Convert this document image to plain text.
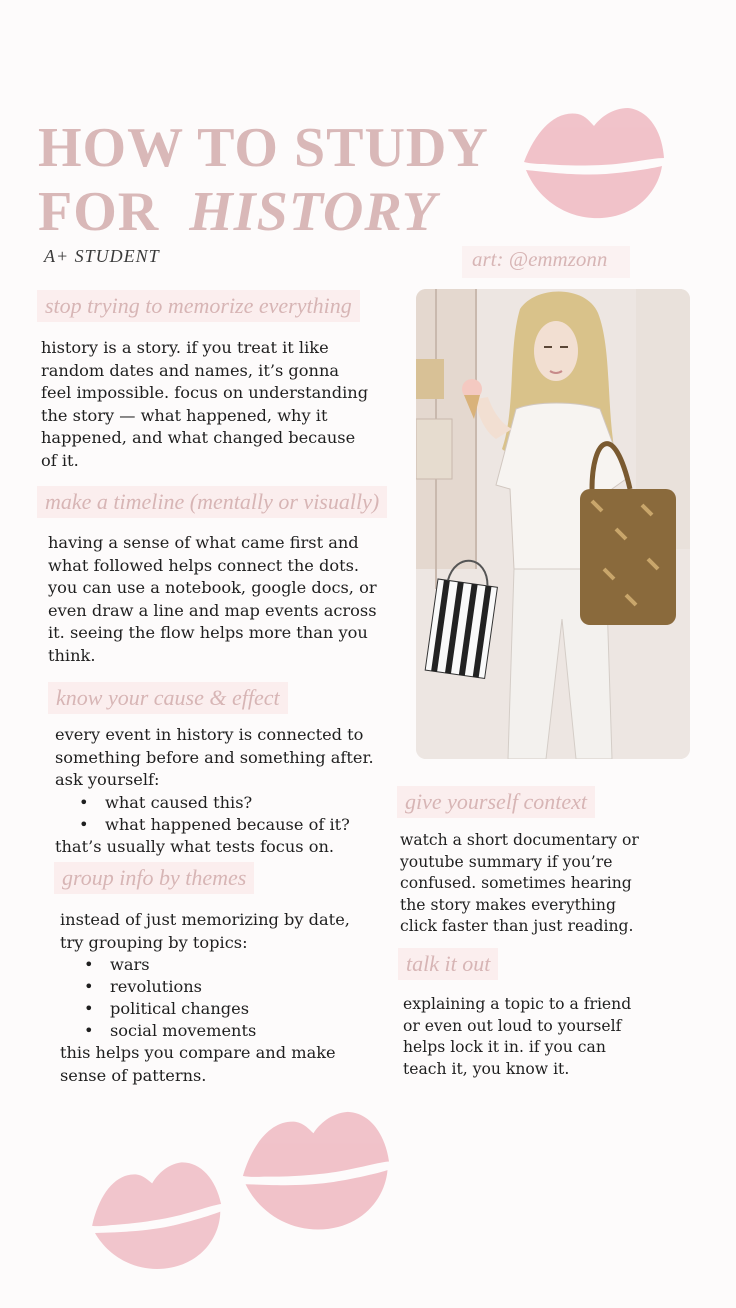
HOW TO STUDY
FOR HISTORY
A+ STUDENT	art: @emmzonn
stop trying to memorize everything

history is a story. if you treat it like random dates and names, it’s gonna feel impossible. focus on understanding the story — what happened, why it happened, and what changed because of it.

make a timeline (mentally or visually)

having a sense of what came first and what followed helps connect the dots. you can use a notebook, google docs, or even draw a line and map events across it. seeing the flow helps more than you think.

know your cause & effect

every event in history is connected to something before and something after. ask yourself:

• what caused this?
• what happened because of it?

that’s usually what tests focus on.

group info by themes

instead of just memorizing by date, try grouping by topics:

• wars
• revolutions
• political changes
• social movements

this helps you compare and make sense of patterns.

give yourself context

watch a short documentary or youtube summary if you’re confused. sometimes hearing the story makes everything click faster than just reading.

talk it out

explaining a topic to a friend or even out loud to yourself helps lock it in. if you can teach it, you know it.
